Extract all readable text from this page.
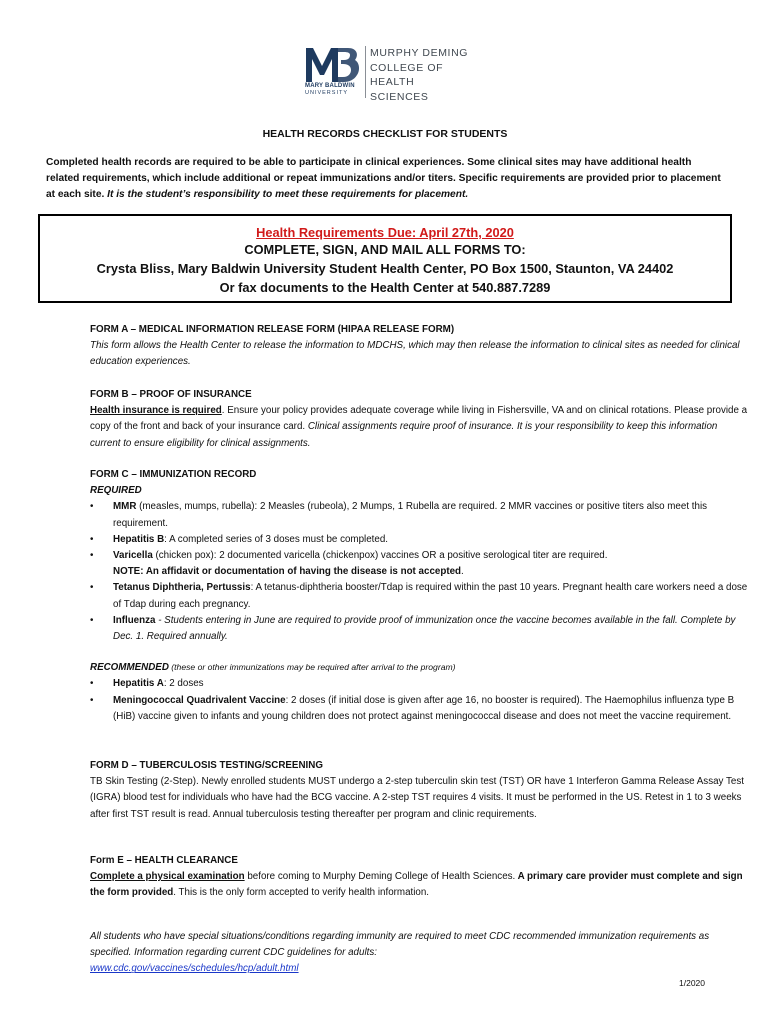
MARY BALDWIN
UNIVERSITY
MURPHY DEMING
COLLEGE OF
HEALTH SCIENCES
HEALTH RECORDS CHECKLIST FOR STUDENTS
Completed health records are required to be able to participate in clinical experiences. Some clinical sites may have additional health related requirements, which include additional or repeat immunizations and/or titers. Specific requirements are provided prior to placement at each site. It is the student’s responsibility to meet these requirements for placement.
Health Requirements Due: April 27th, 2020
COMPLETE, SIGN, AND MAIL ALL FORMS TO:
Crysta Bliss, Mary Baldwin University Student Health Center, PO Box 1500, Staunton, VA 24402
Or fax documents to the Health Center at 540.887.7289
FORM A – MEDICAL INFORMATION RELEASE FORM (HIPAA RELEASE FORM)
This form allows the Health Center to release the information to MDCHS, which may then release the information to clinical sites as needed for clinical education experiences.
FORM B – PROOF OF INSURANCE
Health insurance is required. Ensure your policy provides adequate coverage while living in Fishersville, VA and on clinical rotations. Please provide a copy of the front and back of your insurance card. Clinical assignments require proof of insurance. It is your responsibility to keep this information current to ensure eligibility for clinical assignments.
FORM C – IMMUNIZATION RECORD
REQUIRED
• MMR (measles, mumps, rubella): 2 Measles (rubeola), 2 Mumps, 1 Rubella are required. 2 MMR vaccines or positive titers also meet this requirement.
• Hepatitis B: A completed series of 3 doses must be completed.
• Varicella (chicken pox): 2 documented varicella (chickenpox) vaccines OR a positive serological titer are required.
NOTE: An affidavit or documentation of having the disease is not accepted.
• Tetanus Diphtheria, Pertussis: A tetanus-diphtheria booster/Tdap is required within the past 10 years. Pregnant health care workers need a dose of Tdap during each pregnancy.
• Influenza - Students entering in June are required to provide proof of immunization once the vaccine becomes available in the fall. Complete by Dec. 1. Required annually.
RECOMMENDED (these or other immunizations may be required after arrival to the program)
• Hepatitis A: 2 doses
• Meningococcal Quadrivalent Vaccine: 2 doses (if initial dose is given after age 16, no booster is required). The Haemophilus influenza type B (HiB) vaccine given to infants and young children does not protect against meningococcal disease and does not meet the vaccine requirement.
FORM D – TUBERCULOSIS TESTING/SCREENING
TB Skin Testing (2-Step). Newly enrolled students MUST undergo a 2-step tuberculin skin test (TST) OR have 1 Interferon Gamma Release Assay Test (IGRA) blood test for individuals who have had the BCG vaccine. A 2-step TST requires 4 visits. It must be performed in the US. Retest in 1 to 3 weeks after first TST result is read. Annual tuberculosis testing thereafter per program and clinic requirements.
Form E – HEALTH CLEARANCE
Complete a physical examination before coming to Murphy Deming College of Health Sciences. A primary care provider must complete and sign the form provided. This is the only form accepted to verify health information.
All students who have special situations/conditions regarding immunity are required to meet CDC recommended immunization requirements as specified. Information regarding current CDC guidelines for adults:
www.cdc.gov/vaccines/schedules/hcp/adult.html
1/2020
